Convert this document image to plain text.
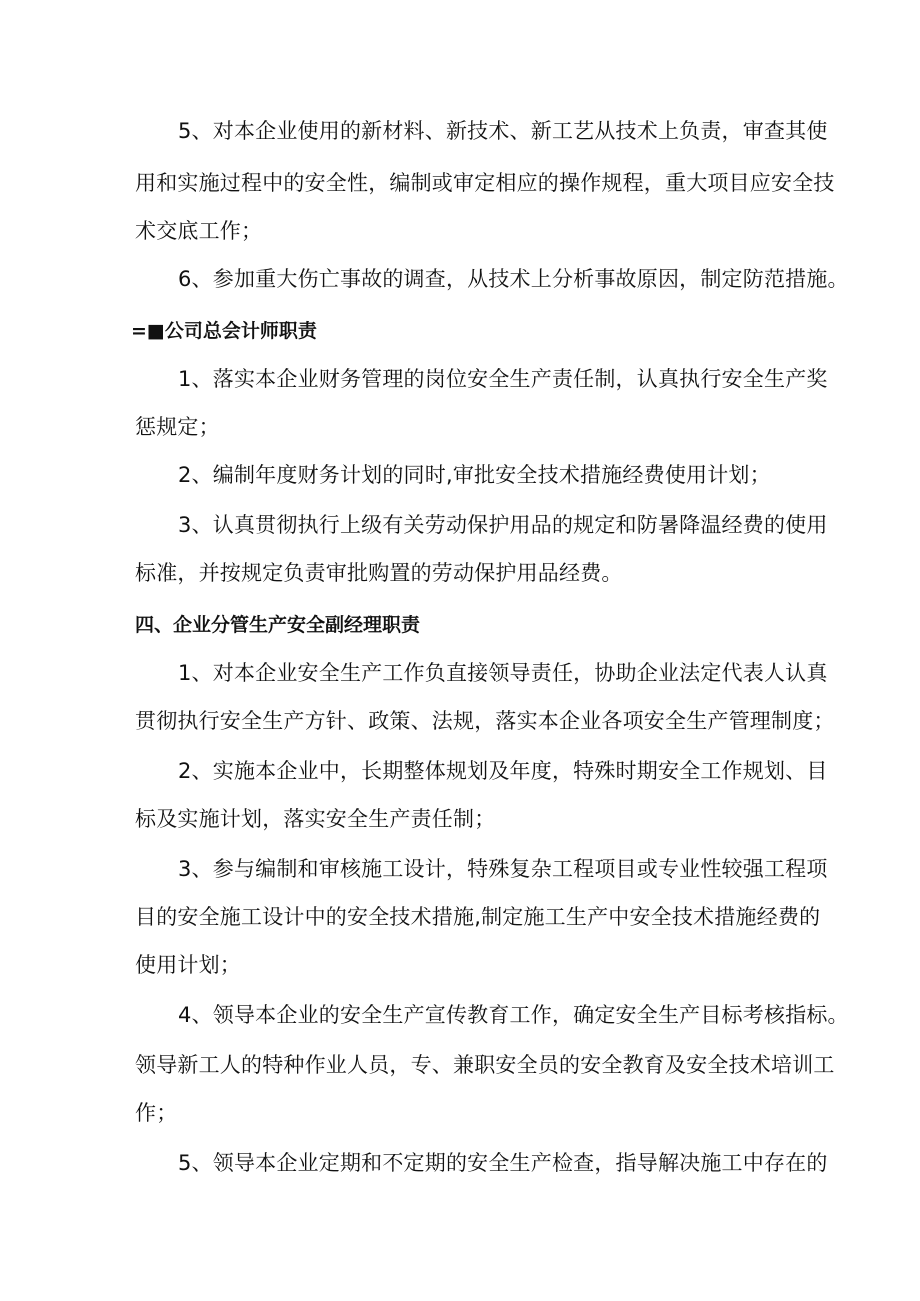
5、对本企业使用的新材料、新技术、新工艺从技术上负责，审查其使
用和实施过程中的安全性，编制或审定相应的操作规程，重大项目应安全技
术交底工作；
6、参加重大伤亡事故的调查，从技术上分析事故原因，制定防范措施。
=■公司总会计师职责
1、落实本企业财务管理的岗位安全生产责任制，认真执行安全生产奖
惩规定；
2、编制年度财务计划的同时,审批安全技术措施经费使用计划；
3、认真贯彻执行上级有关劳动保护用品的规定和防暑降温经费的使用
标准，并按规定负责审批购置的劳动保护用品经费。
四、企业分管生产安全副经理职责
1、对本企业安全生产工作负直接领导责任，协助企业法定代表人认真
贯彻执行安全生产方针、政策、法规，落实本企业各项安全生产管理制度；
2、实施本企业中，长期整体规划及年度，特殊时期安全工作规划、目
标及实施计划，落实安全生产责任制；
3、参与编制和审核施工设计，特殊复杂工程项目或专业性较强工程项
目的安全施工设计中的安全技术措施,制定施工生产中安全技术措施经费的
使用计划；
4、领导本企业的安全生产宣传教育工作，确定安全生产目标考核指标。
领导新工人的特种作业人员，专、兼职安全员的安全教育及安全技术培训工
作；
5、领导本企业定期和不定期的安全生产检查，指导解决施工中存在的
